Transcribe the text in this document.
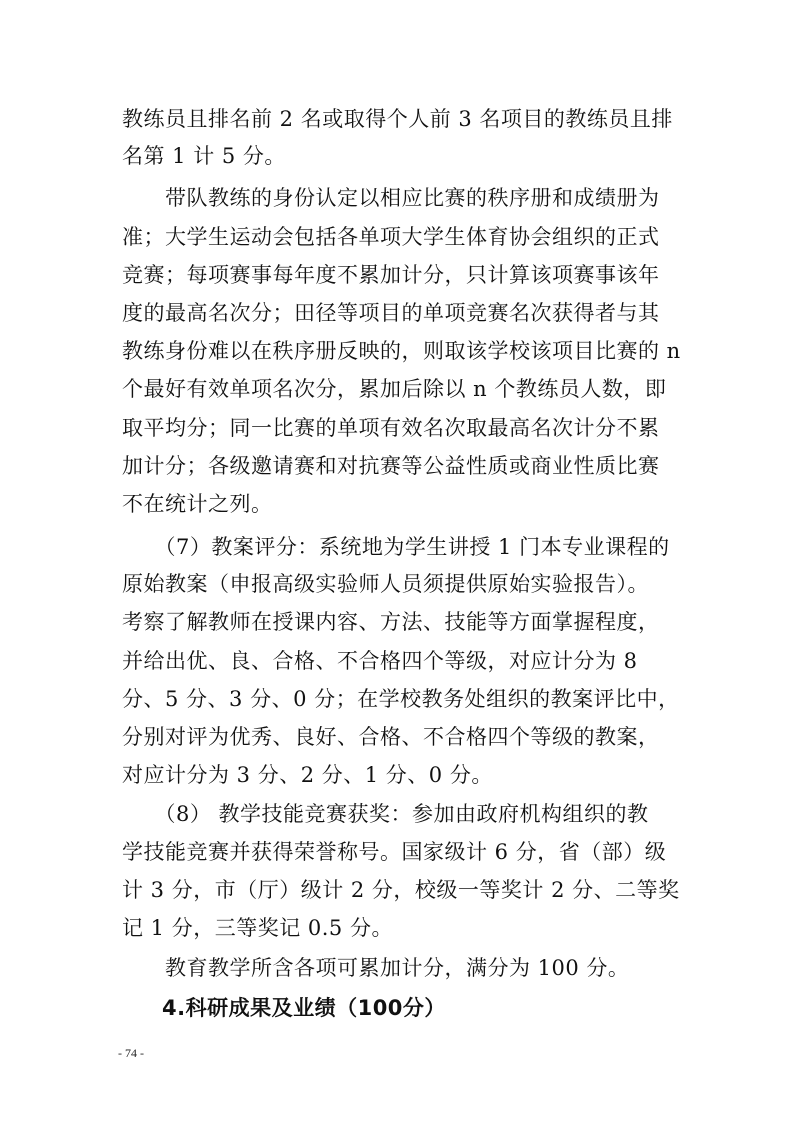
教练员且排名前 2 名或取得个人前 3 名项目的教练员且排
名第 1 计 5 分。
　　带队教练的身份认定以相应比赛的秩序册和成绩册为
准；大学生运动会包括各单项大学生体育协会组织的正式
竞赛；每项赛事每年度不累加计分，只计算该项赛事该年
度的最高名次分；田径等项目的单项竞赛名次获得者与其
教练身份难以在秩序册反映的，则取该学校该项目比赛的 n
个最好有效单项名次分，累加后除以 n 个教练员人数，即
取平均分；同一比赛的单项有效名次取最高名次计分不累
加计分；各级邀请赛和对抗赛等公益性质或商业性质比赛
不在统计之列。
　　（7）教案评分：系统地为学生讲授 1 门本专业课程的
原始教案（申报高级实验师人员须提供原始实验报告）。
考察了解教师在授课内容、方法、技能等方面掌握程度，
并给出优、良、合格、不合格四个等级，对应计分为 8
分、5 分、3 分、0 分；在学校教务处组织的教案评比中，
分别对评为优秀、良好、合格、不合格四个等级的教案，
对应计分为 3 分、2 分、1 分、0 分。
　　（8） 教学技能竞赛获奖：参加由政府机构组织的教
学技能竞赛并获得荣誉称号。国家级计 6 分，省（部）级
计 3 分，市（厅）级计 2 分，校级一等奖计 2 分、二等奖
记 1 分，三等奖记 0.5 分。
　　教育教学所含各项可累加计分，满分为 100 分。
4.科研成果及业绩（100分）
- 74 -
